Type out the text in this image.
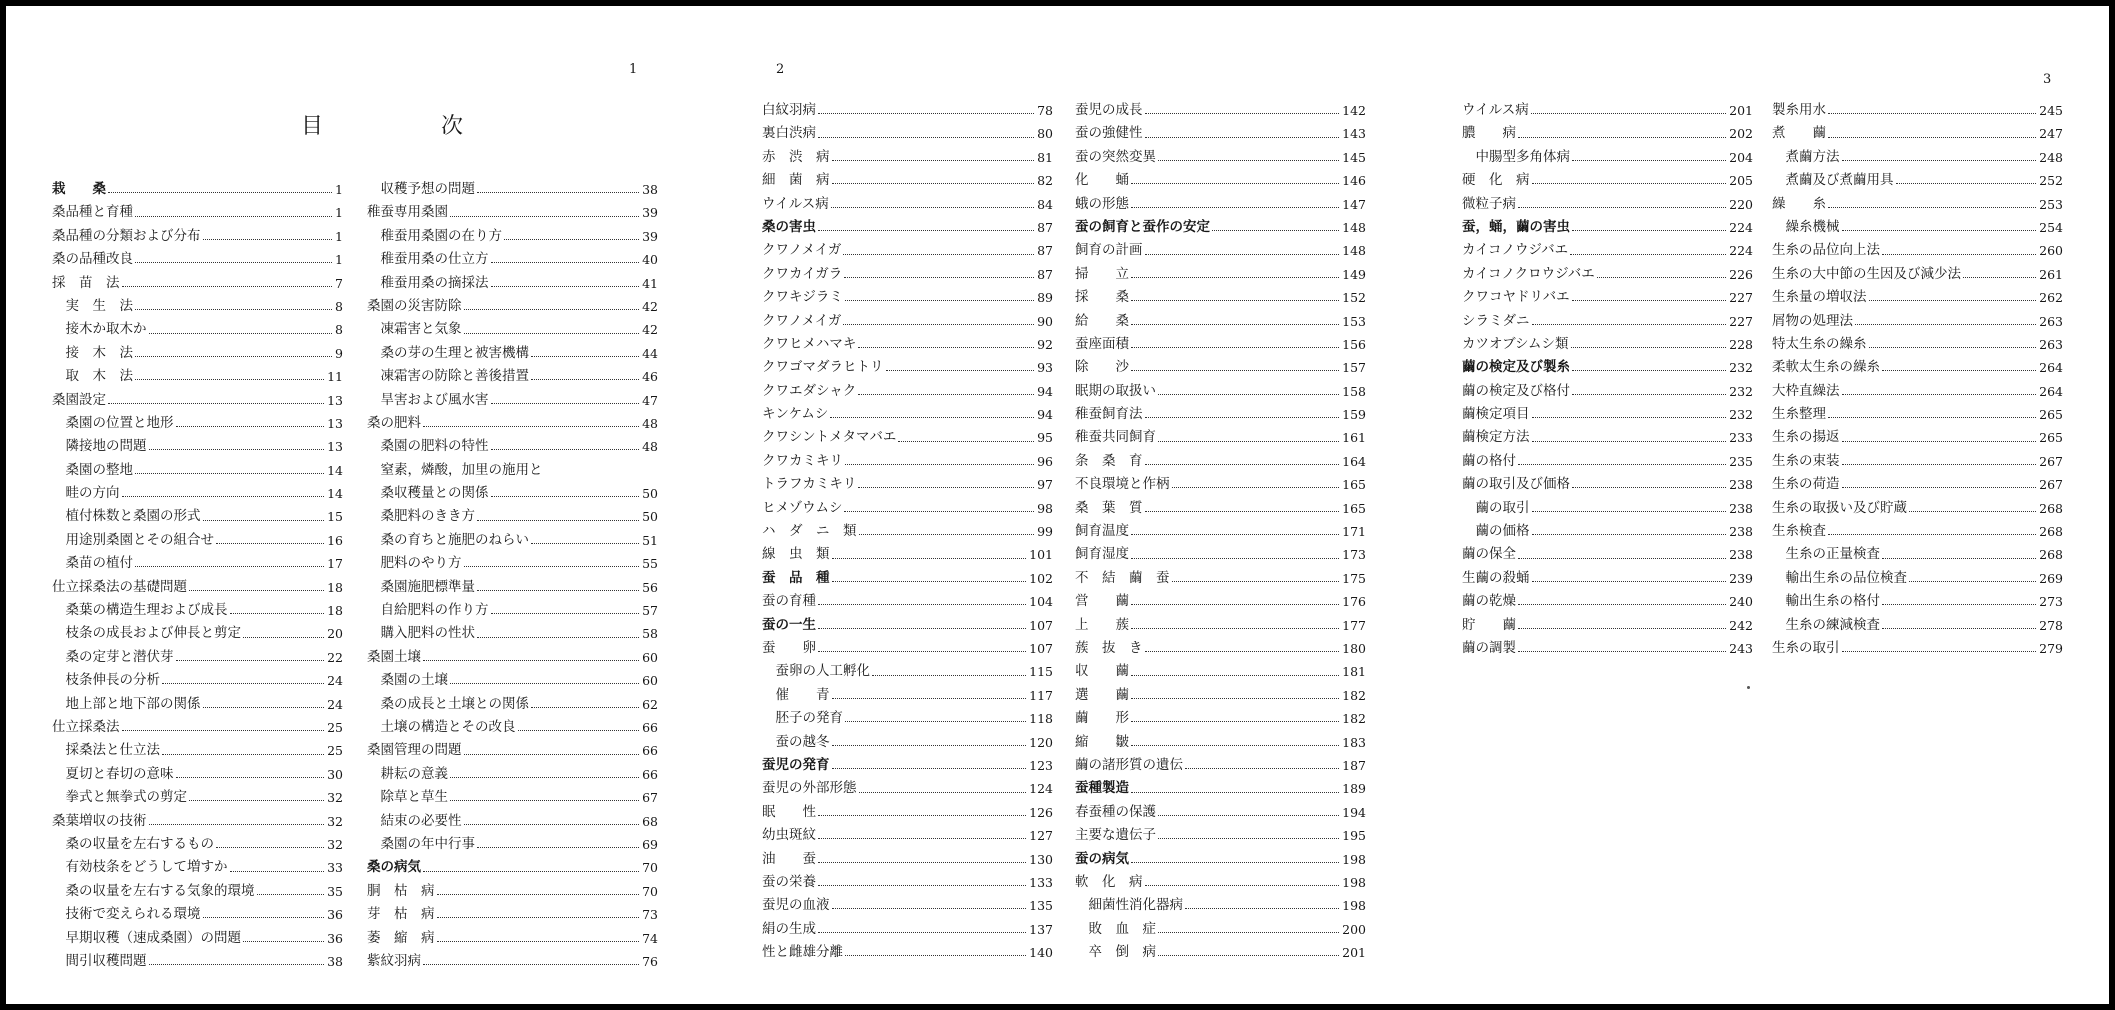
1	2
3
目　次
栽　　桑	1
桑品種と育種	1
桑品種の分類および分布	1
桑の品種改良	1
採　苗　法	7
　実　生　法	8
　接木か取木か	8
　接　木　法	9
　取　木　法	11
桑園設定	13
　桑園の位置と地形	13
　隣接地の問題	13
　桑園の整地	14
　畦の方向	14
　植付株数と桑園の形式	15
　用途別桑園とその組合せ	16
　桑苗の植付	17
仕立採桑法の基礎問題	18
　桑葉の構造生理および成長	18
　枝条の成長および伸長と剪定	20
　桑の定芽と潜伏芽	22
　枝条伸長の分析	24
　地上部と地下部の関係	24
仕立採桑法	25
　採桑法と仕立法	25
　夏切と春切の意味	30
　拳式と無拳式の剪定	32
桑葉増収の技術	32
　桑の収量を左右するもの	32
　有効枝条をどうして増すか	33
　桑の収量を左右する気象的環境	35
　技術で変えられる環境	36
　早期収穫（速成桑園）の問題	36
　間引収穫問題	38
　収穫予想の問題	38
稚蚕専用桑園	39
　稚蚕用桑園の在り方	39
　稚蚕用桑の仕立方	40
　稚蚕用桑の摘採法	41
桑園の災害防除	42
　凍霜害と気象	42
　桑の芽の生理と被害機構	44
　凍霜害の防除と善後措置	46
　旱害および風水害	47
桑の肥料	48
　桑園の肥料の特性	48
　窒素，燐酸，加里の施用と
　桑収穫量との関係	50
　桑肥料のきき方	50
　桑の育ちと施肥のねらい	51
　肥料のやり方	55
　桑園施肥標準量	56
　自給肥料の作り方	57
　購入肥料の性状	58
桑園土壌	60
　桑園の土壌	60
　桑の成長と土壌との関係	62
　土壌の構造とその改良	66
桑園管理の問題	66
　耕耘の意義	66
　除草と草生	67
　結束の必要性	68
　桑園の年中行事	69
桑の病気	70
胴　枯　病	70
芽　枯　病	73
萎　縮　病	74
紫紋羽病	76
白紋羽病	78
裏白渋病	80
赤　渋　病	81
細　菌　病	82
ウイルス病	84
桑の害虫	87
クワノメイガ	87
クワカイガラ	87
クワキジラミ	89
クワノメイガ	90
クワヒメハマキ	92
クワゴマダラヒトリ	93
クワエダシャク	94
キンケムシ	94
クワシントメタマバエ	95
クワカミキリ	96
トラフカミキリ	97
ヒメゾウムシ	98
ハ　ダ　ニ　類	99
線　虫　類	101
蚕　品　種	102
蚕の育種	104
蚕の一生	107
蚕　　卵	107
　蚕卵の人工孵化	115
　催　　青	117
　胚子の発育	118
　蚕の越冬	120
蚕児の発育	123
蚕児の外部形態	124
眠　　性	126
幼虫斑紋	127
油　　蚕	130
蚕の栄養	133
蚕児の血液	135
絹の生成	137
性と雌雄分離	140
蚕児の成長	142
蚕の強健性	143
蚕の突然変異	145
化　　蛹	146
蛾の形態	147
蚕の飼育と蚕作の安定	148
飼育の計画	148
掃　　立	149
採　　桑	152
給　　桑	153
蚕座面積	156
除　　沙	157
眠期の取扱い	158
稚蚕飼育法	159
稚蚕共同飼育	161
条　桑　育	164
不良環境と作柄	165
桑　葉　質	165
飼育温度	171
飼育湿度	173
不　結　繭　蚕	175
営　　繭	176
上　　蔟	177
蔟　抜　き	180
収　　繭	181
選　　繭	182
繭　　形	182
縮　　皺	183
繭の諸形質の遺伝	187
蚕種製造	189
春蚕種の保護	194
主要な遺伝子	195
蚕の病気	198
軟　化　病	198
　細菌性消化器病	198
　敗　血　症	200
　卒　倒　病	201
ウイルス病	201
膿　　病	202
　中腸型多角体病	204
硬　化　病	205
微粒子病	220
蚕，蛹，繭の害虫	224
カイコノウジバエ	224
カイコノクロウジバエ	226
クワコヤドリバエ	227
シラミダニ	227
カツオブシムシ類	228
繭の検定及び製糸	232
繭の検定及び格付	232
繭検定項目	232
繭検定方法	233
繭の格付	235
繭の取引及び価格	238
　繭の取引	238
　繭の価格	238
繭の保全	238
生繭の殺蛹	239
繭の乾燥	240
貯　　繭	242
繭の調製	243
製糸用水	245
煮　　繭	247
　煮繭方法	248
　煮繭及び煮繭用具	252
繰　　糸	253
　繰糸機械	254
生糸の品位向上法	260
生糸の大中節の生因及び減少法	261
生糸量の増収法	262
屑物の処理法	263
特太生糸の繰糸	263
柔軟太生糸の繰糸	264
大枠直繰法	264
生糸整理	265
生糸の揚返	265
生糸の束装	267
生糸の荷造	267
生糸の取扱い及び貯蔵	268
生糸検査	268
　生糸の正量検査	268
　輸出生糸の品位検査	269
　輸出生糸の格付	273
　生糸の練減検査	278
生糸の取引	279
